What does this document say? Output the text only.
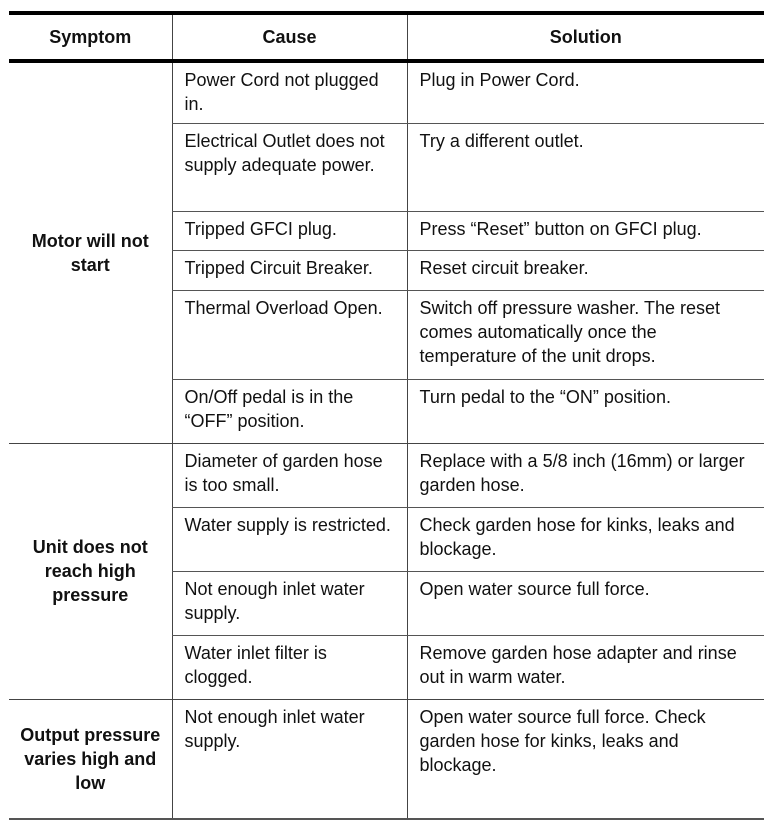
Symptom	Cause	Solution
Motor will not start	Power Cord not plugged in.	Plug in Power Cord.
	Electrical Outlet does not supply adequate power.	Try a different outlet.
	Tripped GFCI plug.	Press “Reset” button on GFCI plug.
	Tripped Circuit Breaker.	Reset circuit breaker.
	Thermal Overload Open.	Switch off pressure washer. The reset comes automatically once the temperature of the unit drops.
	On/Off pedal is in the “OFF” position.	Turn pedal to the “ON” position.
Unit does not reach high pressure	Diameter of garden hose is too small.	Replace with a 5/8 inch (16mm) or larger garden hose.
	Water supply is restricted.	Check garden hose for kinks, leaks and blockage.
	Not enough inlet water supply.	Open water source full force.
	Water inlet filter is clogged.	Remove garden hose adapter and rinse out in warm water.
Output pressure varies high and low	Not enough inlet water supply.	Open water source full force. Check garden hose for kinks, leaks and blockage.
